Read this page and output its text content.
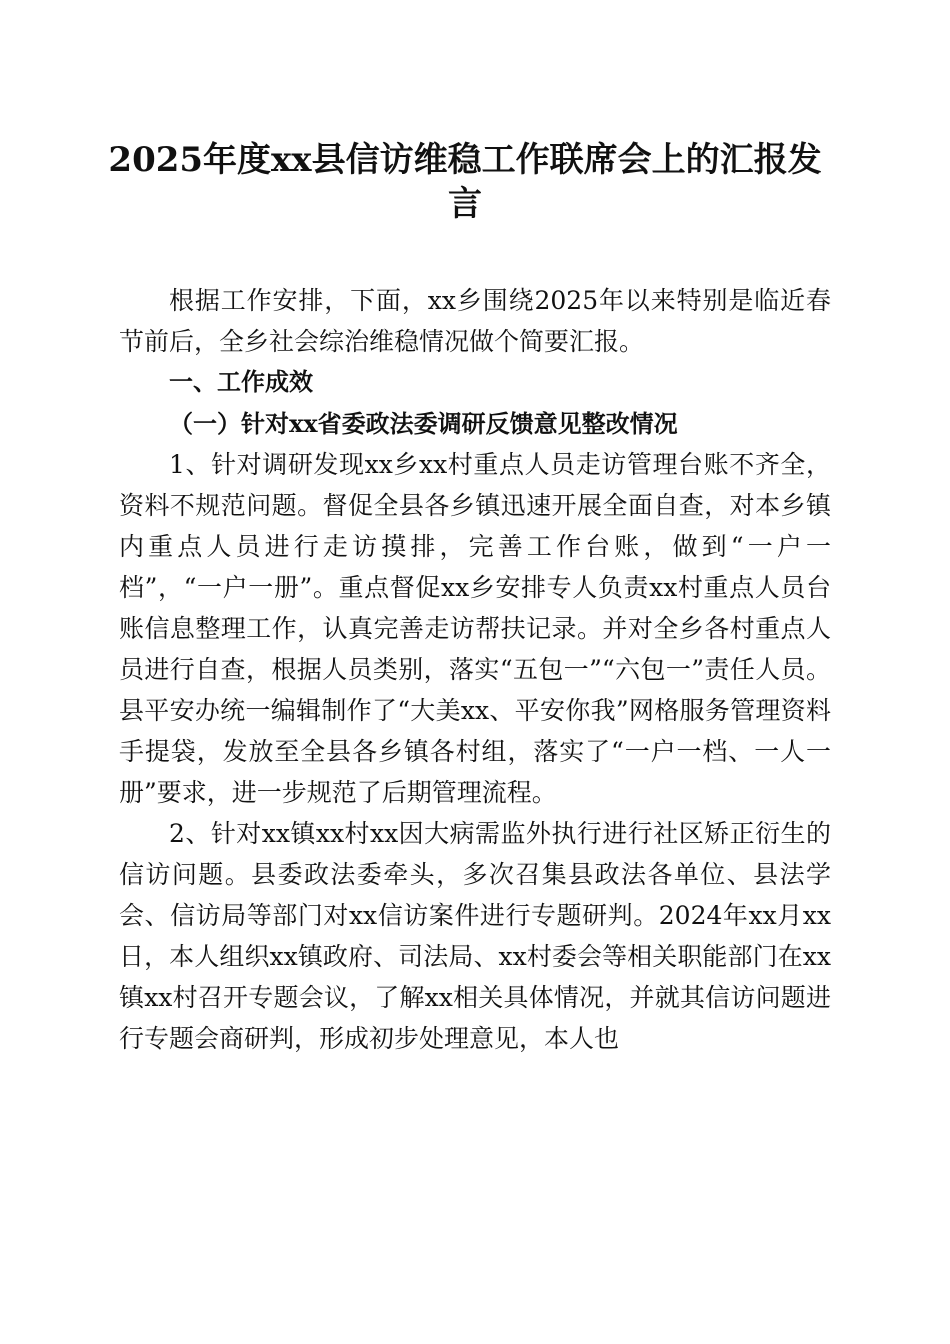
2025年度xx县信访维稳工作联席会上的汇报发言

根据工作安排，下面，xx乡围绕2025年以来特别是临近春节前后，全乡社会综治维稳情况做个简要汇报。

一、工作成效

（一）针对xx省委政法委调研反馈意见整改情况

1、针对调研发现xx乡xx村重点人员走访管理台账不齐全，资料不规范问题。督促全县各乡镇迅速开展全面自查，对本乡镇内重点人员进行走访摸排，完善工作台账，做到“一户一档”，“一户一册”。重点督促xx乡安排专人负责xx村重点人员台账信息整理工作，认真完善走访帮扶记录。并对全乡各村重点人员进行自查，根据人员类别，落实“五包一”“六包一”责任人员。县平安办统一编辑制作了“大美xx、平安你我”网格服务管理资料手提袋，发放至全县各乡镇各村组，落实了“一户一档、一人一册”要求，进一步规范了后期管理流程。

2、针对xx镇xx村xx因大病需监外执行进行社区矫正衍生的信访问题。县委政法委牵头，多次召集县政法各单位、县法学会、信访局等部门对xx信访案件进行专题研判。2024年xx月xx日，本人组织xx镇政府、司法局、xx村委会等相关职能部门在xx镇xx村召开专题会议，了解xx相关具体情况，并就其信访问题进行专题会商研判，形成初步处理意见，本人也
